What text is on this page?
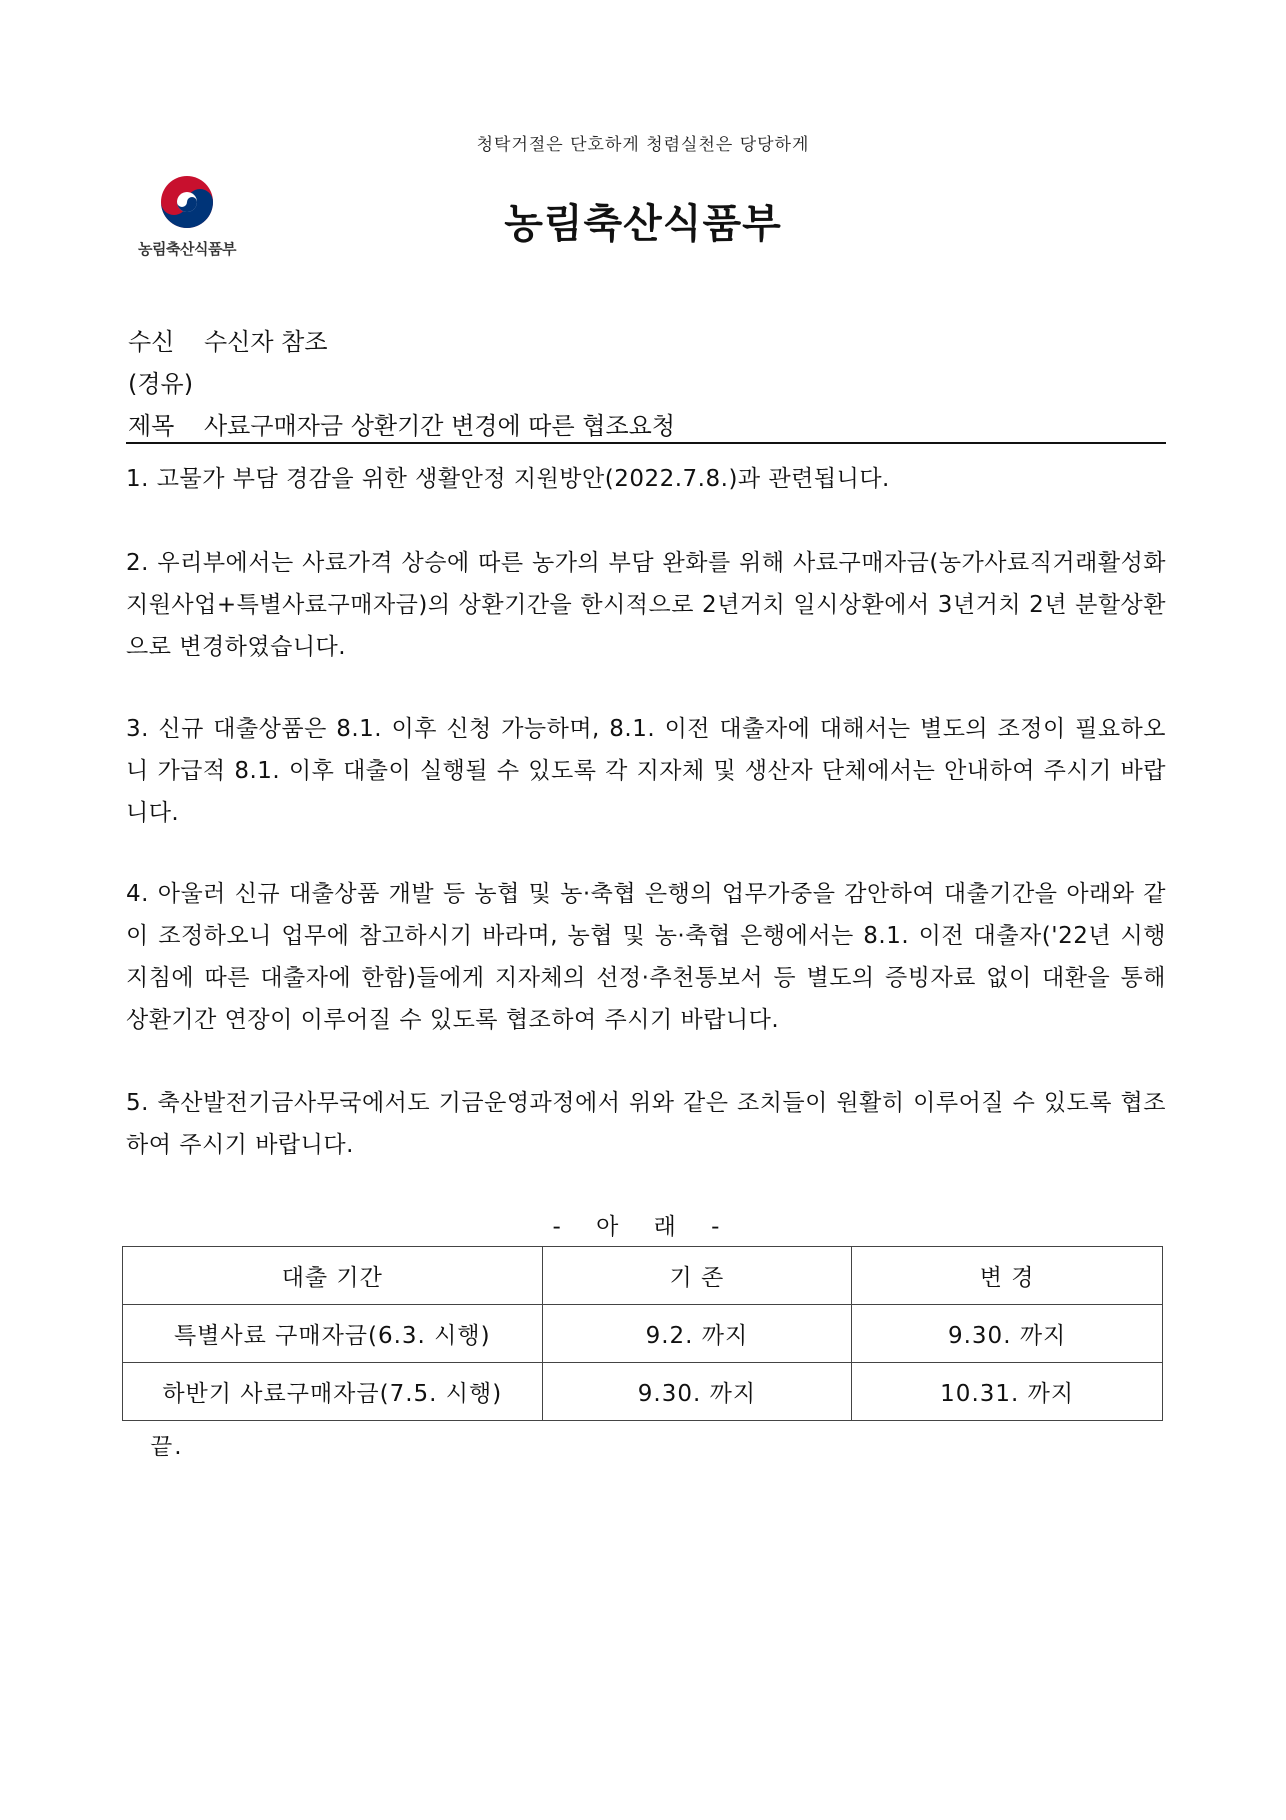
청탁거절은 단호하게 청렴실천은 당당하게
농림축산식품부
농림축산식품부
수신 수신자 참조
(경유)
제목 사료구매자금 상환기간 변경에 따른 협조요청
1. 고물가 부담 경감을 위한 생활안정 지원방안(2022.7.8.)과 관련됩니다.
2. 우리부에서는 사료가격 상승에 따른 농가의 부담 완화를 위해 사료구매자금(농가사료직거래활성화지원사업+특별사료구매자금)의 상환기간을 한시적으로 2년거치 일시상환에서 3년거치 2년 분할상환으로 변경하였습니다.
3. 신규 대출상품은 8.1. 이후 신청 가능하며, 8.1. 이전 대출자에 대해서는 별도의 조정이 필요하오니 가급적 8.1. 이후 대출이 실행될 수 있도록 각 지자체 및 생산자 단체에서는 안내하여 주시기 바랍니다.
4. 아울러 신규 대출상품 개발 등 농협 및 농·축협 은행의 업무가중을 감안하여 대출기간을 아래와 같이 조정하오니 업무에 참고하시기 바라며, 농협 및 농·축협 은행에서는 8.1. 이전 대출자('22년 시행지침에 따른 대출자에 한함)들에게 지자체의 선정·추천통보서 등 별도의 증빙자료 없이 대환을 통해 상환기간 연장이 이루어질 수 있도록 협조하여 주시기 바랍니다.
5. 축산발전기금사무국에서도 기금운영과정에서 위와 같은 조치들이 원활히 이루어질 수 있도록 협조하여 주시기 바랍니다.
- 아 래 -
대출 기간	기 존	변 경
특별사료 구매자금(6.3. 시행)	9.2. 까지	9.30. 까지
하반기 사료구매자금(7.5. 시행)	9.30. 까지	10.31. 까지
끝.
